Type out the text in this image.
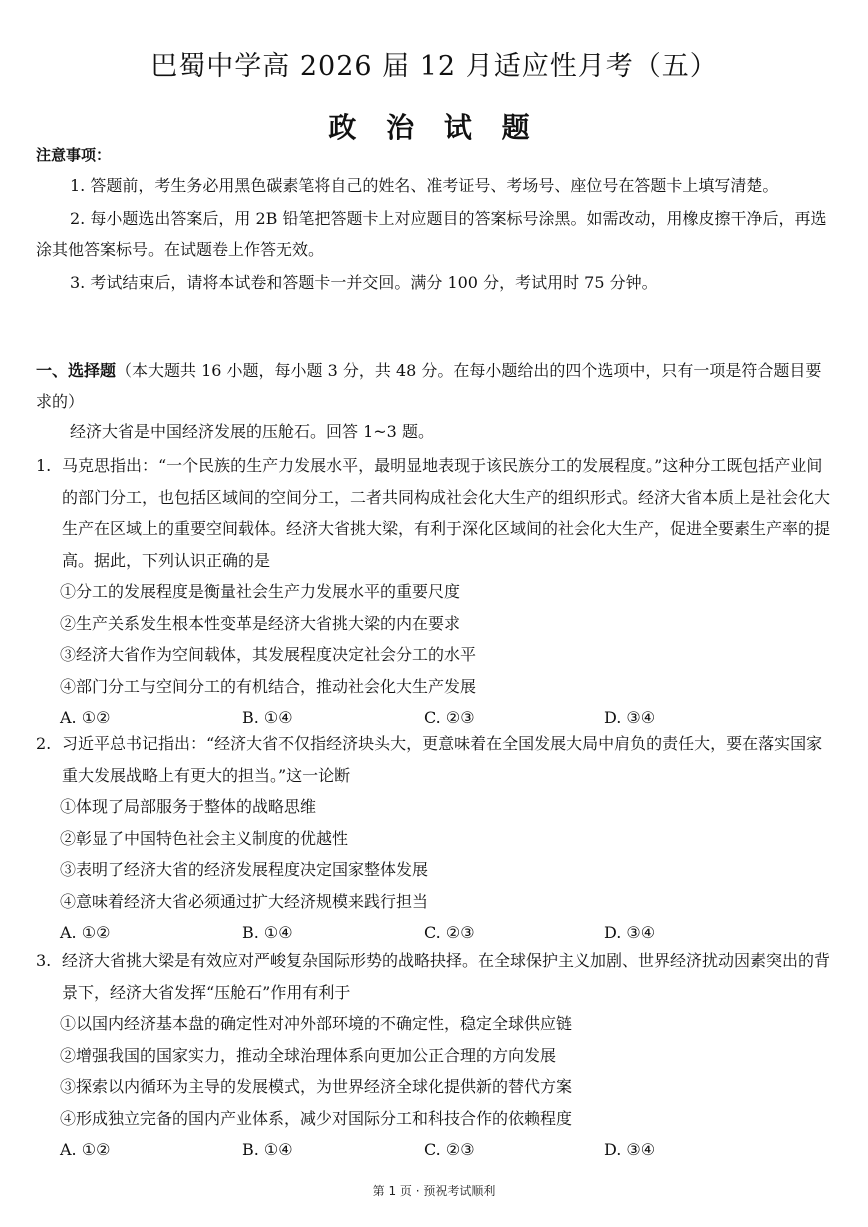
巴蜀中学高 2026 届 12 月适应性月考（五）
政 治 试 题
注意事项：

1. 答题前，考生务必用黑色碳素笔将自己的姓名、准考证号、考场号、座位号在答题卡上填写清楚。

2. 每小题选出答案后，用 2B 铅笔把答题卡上对应题目的答案标号涂黑。如需改动，用橡皮擦干净后，再选涂其他答案标号。在试题卷上作答无效。

3. 考试结束后，请将本试卷和答题卡一并交回。满分 100 分，考试用时 75 分钟。

一、选择题（本大题共 16 小题，每小题 3 分，共 48 分。在每小题给出的四个选项中，只有一项是符合题目要求的）
经济大省是中国经济发展的压舱石。回答 1~3 题。

1. 马克思指出：“一个民族的生产力发展水平，最明显地表现于该民族分工的发展程度。”这种分工既包括产业间的部门分工，也包括区域间的空间分工，二者共同构成社会化大生产的组织形式。经济大省本质上是社会化大生产在区域上的重要空间载体。经济大省挑大梁，有利于深化区域间的社会化大生产，促进全要素生产率的提高。据此，下列认识正确的是

①分工的发展程度是衡量社会生产力发展水平的重要尺度

②生产关系发生根本性变革是经济大省挑大梁的内在要求

③经济大省作为空间载体，其发展程度决定社会分工的水平

④部门分工与空间分工的有机结合，推动社会化大生产发展

A. ①②	B. ①④	C. ②③	D. ③④

2. 习近平总书记指出：“经济大省不仅指经济块头大，更意味着在全国发展大局中肩负的责任大，要在落实国家重大发展战略上有更大的担当。”这一论断

①体现了局部服务于整体的战略思维

②彰显了中国特色社会主义制度的优越性

③表明了经济大省的经济发展程度决定国家整体发展

④意味着经济大省必须通过扩大经济规模来践行担当

A. ①②	B. ①④	C. ②③	D. ③④

3. 经济大省挑大梁是有效应对严峻复杂国际形势的战略抉择。在全球保护主义加剧、世界经济扰动因素突出的背景下，经济大省发挥“压舱石”作用有利于

①以国内经济基本盘的确定性对冲外部环境的不确定性，稳定全球供应链

②增强我国的国家实力，推动全球治理体系向更加公正合理的方向发展

③探索以内循环为主导的发展模式，为世界经济全球化提供新的替代方案

④形成独立完备的国内产业体系，减少对国际分工和科技合作的依赖程度

A. ①②	B. ①④	C. ②③	D. ③④
第 1 页 · 预祝考试顺利
